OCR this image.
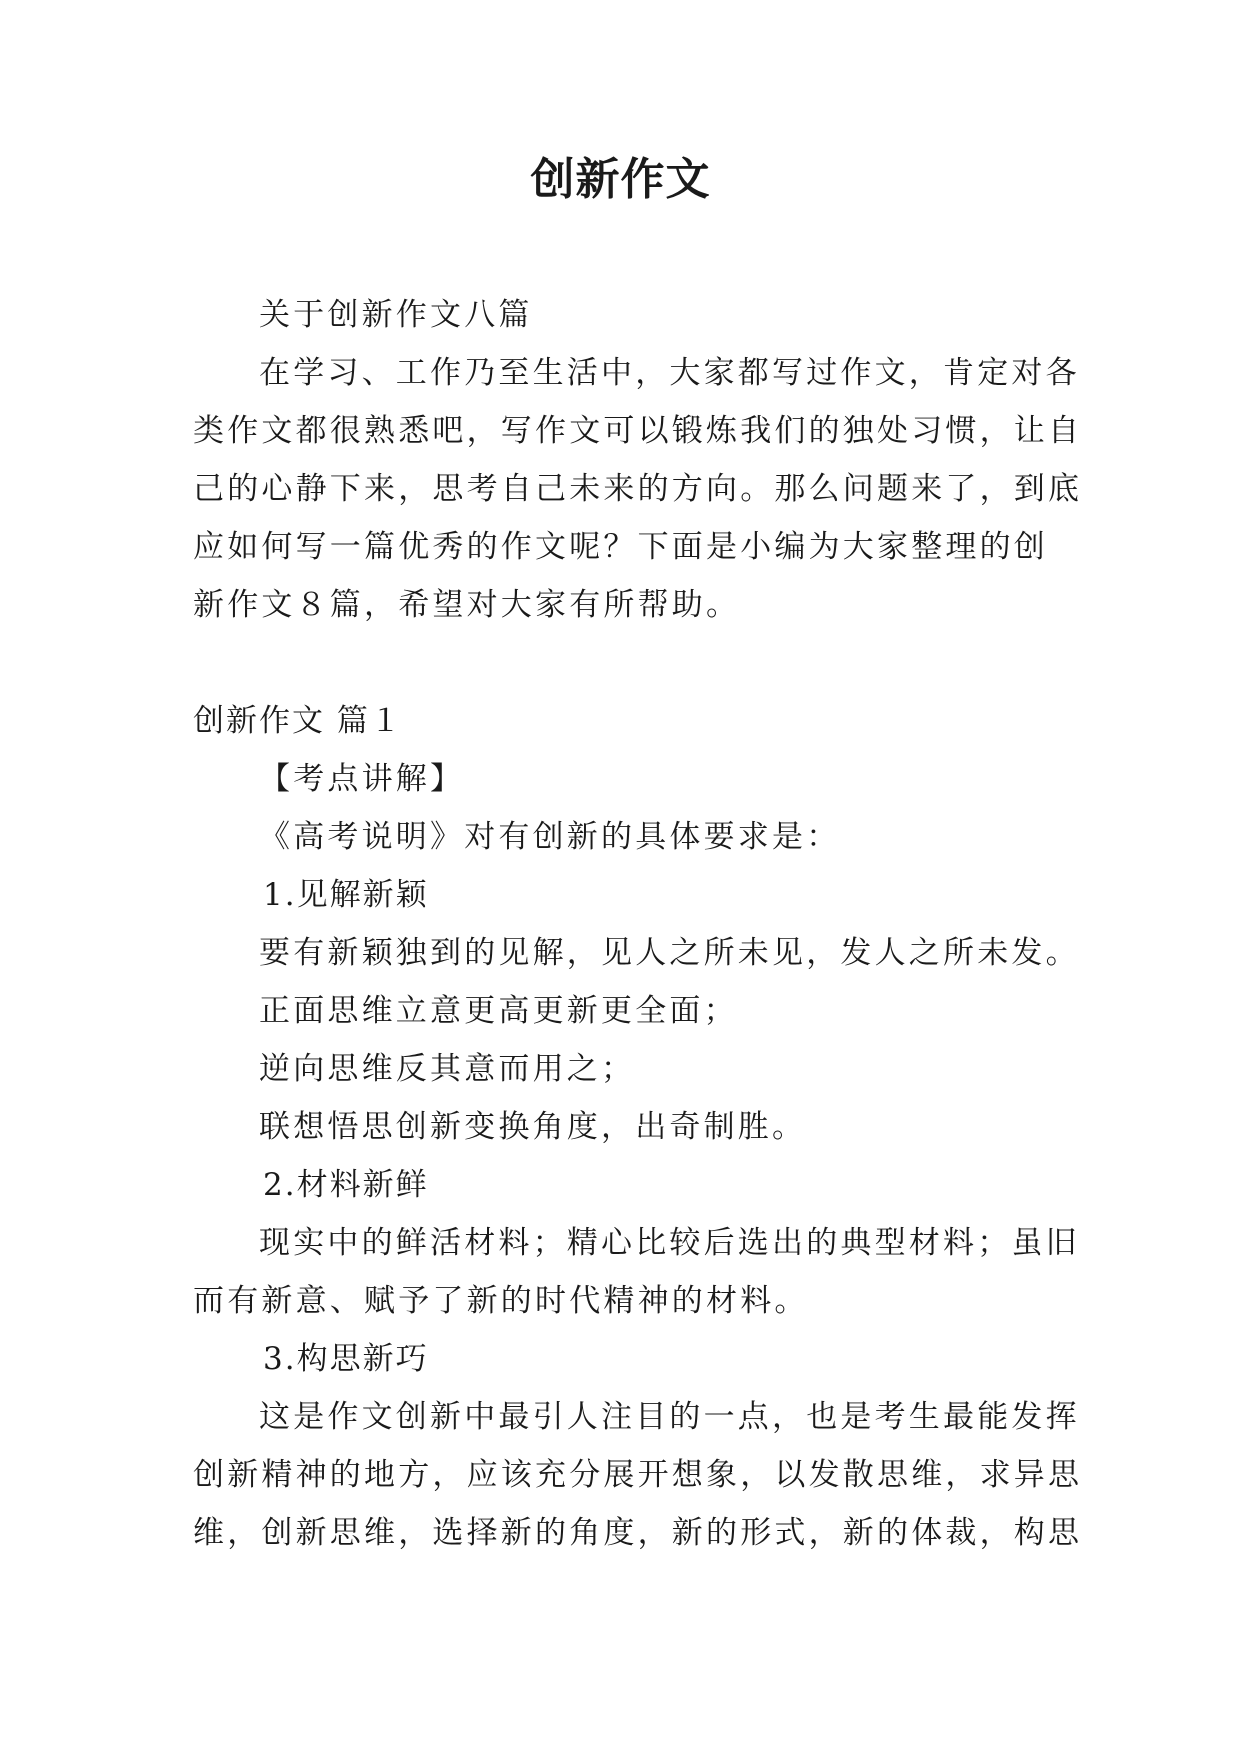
创新作文

关于创新作文八篇

在学习、工作乃至生活中，大家都写过作文，肯定对各

类作文都很熟悉吧，写作文可以锻炼我们的独处习惯，让自

己的心静下来，思考自己未来的方向。那么问题来了，到底

应如何写一篇优秀的作文呢？下面是小编为大家整理的创

新作文８篇，希望对大家有所帮助。

创新作文 篇１

【考点讲解】

《高考说明》对有创新的具体要求是：

1.见解新颖

要有新颖独到的见解，见人之所未见，发人之所未发。

正面思维立意更高更新更全面；

逆向思维反其意而用之；

联想悟思创新变换角度，出奇制胜。

2.材料新鲜

现实中的鲜活材料；精心比较后选出的典型材料；虽旧

而有新意、赋予了新的时代精神的材料。

3.构思新巧

这是作文创新中最引人注目的一点，也是考生最能发挥

创新精神的地方，应该充分展开想象，以发散思维，求异思

维，创新思维，选择新的角度，新的形式，新的体裁，构思
